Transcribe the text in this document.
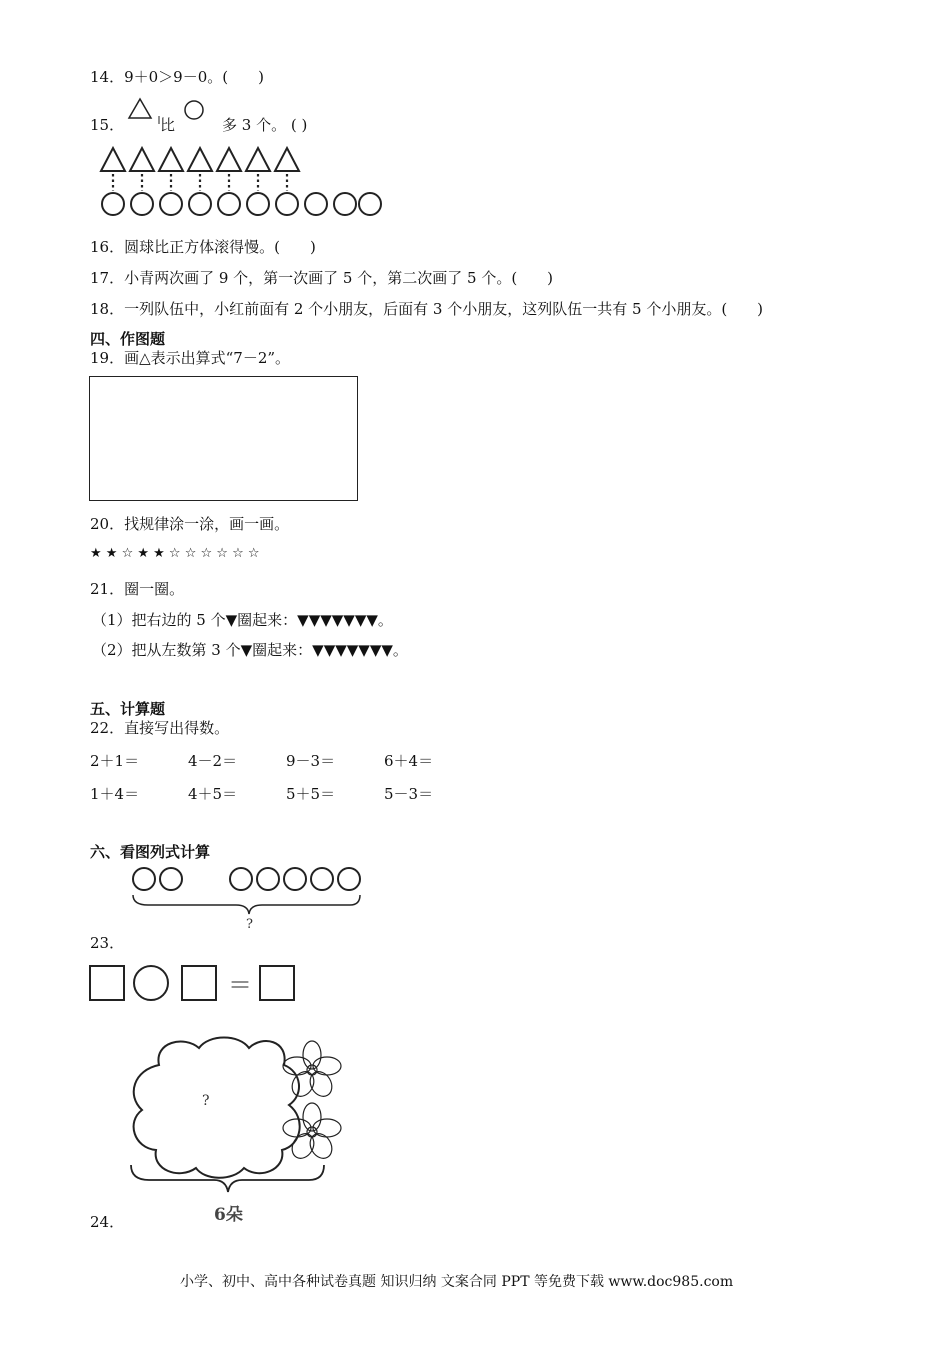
14．9＋0＞9－0。(　　)
15． 比	多 3 个。 ( )
16．圆球比正方体滚得慢。(　　)
17．小青两次画了 9 个，第一次画了 5 个，第二次画了 5 个。(　　)
18．一列队伍中，小红前面有 2 个小朋友，后面有 3 个小朋友，这列队伍一共有 5 个小朋友。(　　)
四、作图题
19．画△表示出算式“7－2”。
20．找规律涂一涂，画一画。
★ ★ ☆ ★ ★ ☆ ☆ ☆ ☆ ☆ ☆
21．圈一圈。
（1）把右边的 5 个▼圈起来：▼▼▼▼▼▼▼。
（2）把从左数第 3 个▼圈起来：▼▼▼▼▼▼▼。
五、计算题
22．直接写出得数。
2＋1＝	4－2＝	9－3＝	6＋4＝
1＋4＝	4＋5＝	5＋5＝	5－3＝
六、看图列式计算
?
23．
＝
?
6朵
24．
小学、初中、高中各种试卷真题 知识归纳 文案合同 PPT 等免费下载 www.doc985.com
